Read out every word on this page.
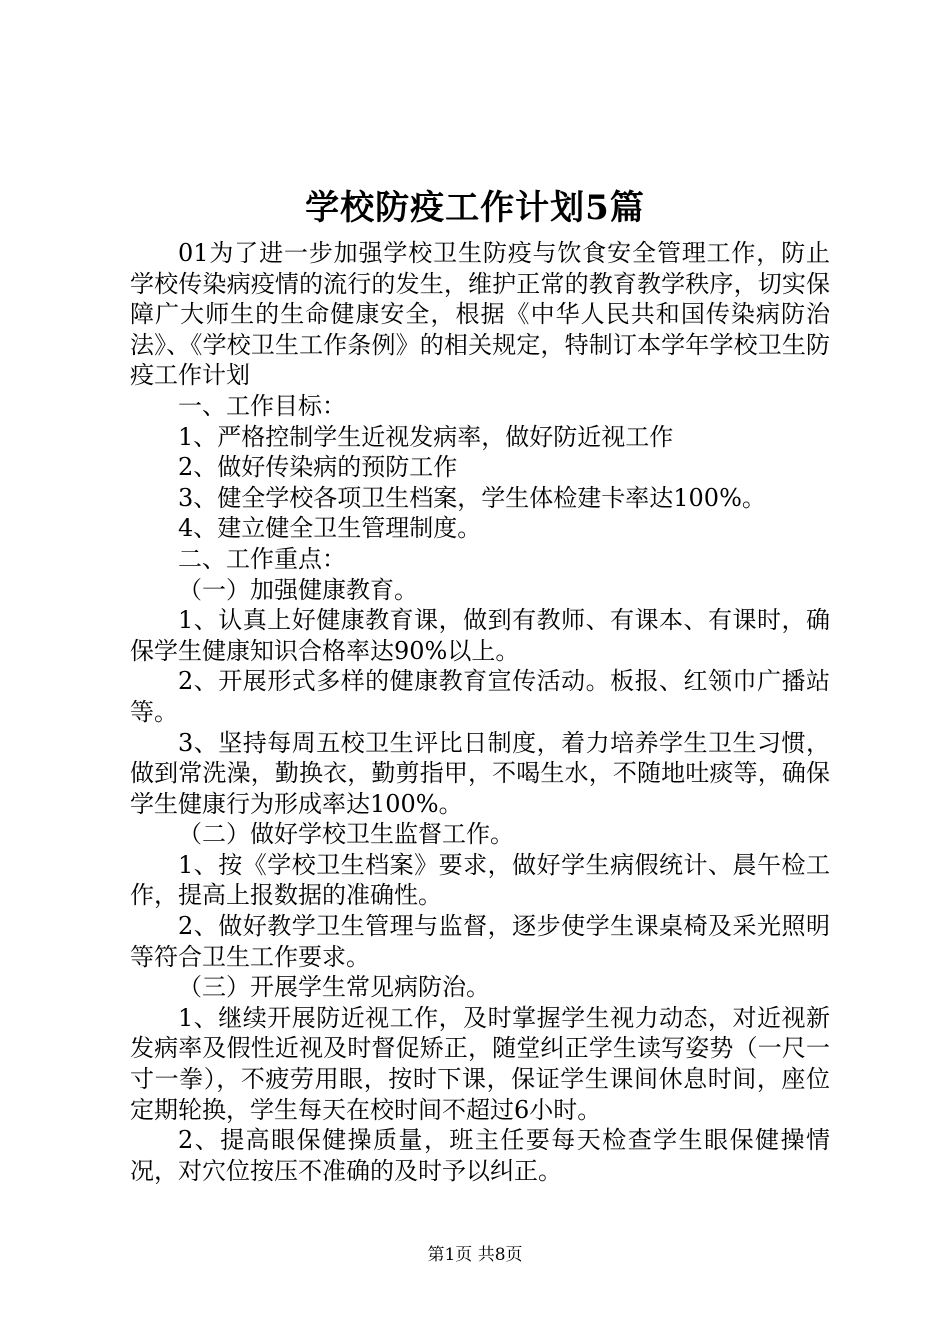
学校防疫工作计划5篇

01为了进一步加强学校卫生防疫与饮食安全管理工作，防止学校传染病疫情的流行的发生，维护正常的教育教学秩序，切实保障广大师生的生命健康安全，根据《中华人民共和国传染病防治法》、《学校卫生工作条例》的相关规定，特制订本学年学校卫生防疫工作计划

一、工作目标：

1、严格控制学生近视发病率，做好防近视工作

2、做好传染病的预防工作

3、健全学校各项卫生档案，学生体检建卡率达100%。

4、建立健全卫生管理制度。

二、工作重点：

（一）加强健康教育。

1、认真上好健康教育课，做到有教师、有课本、有课时，确保学生健康知识合格率达90%以上。

2、开展形式多样的健康教育宣传活动。板报、红领巾广播站等。

3、坚持每周五校卫生评比日制度，着力培养学生卫生习惯，做到常洗澡，勤换衣，勤剪指甲，不喝生水，不随地吐痰等，确保学生健康行为形成率达100%。

（二）做好学校卫生监督工作。

1、按《学校卫生档案》要求，做好学生病假统计、晨午检工作，提高上报数据的准确性。

2、做好教学卫生管理与监督，逐步使学生课桌椅及采光照明等符合卫生工作要求。

（三）开展学生常见病防治。

1、继续开展防近视工作，及时掌握学生视力动态，对近视新发病率及假性近视及时督促矫正，随堂纠正学生读写姿势（一尺一寸一拳），不疲劳用眼，按时下课，保证学生课间休息时间，座位定期轮换，学生每天在校时间不超过6小时。

2、提高眼保健操质量，班主任要每天检查学生眼保健操情况，对穴位按压不准确的及时予以纠正。

第1页 共8页
